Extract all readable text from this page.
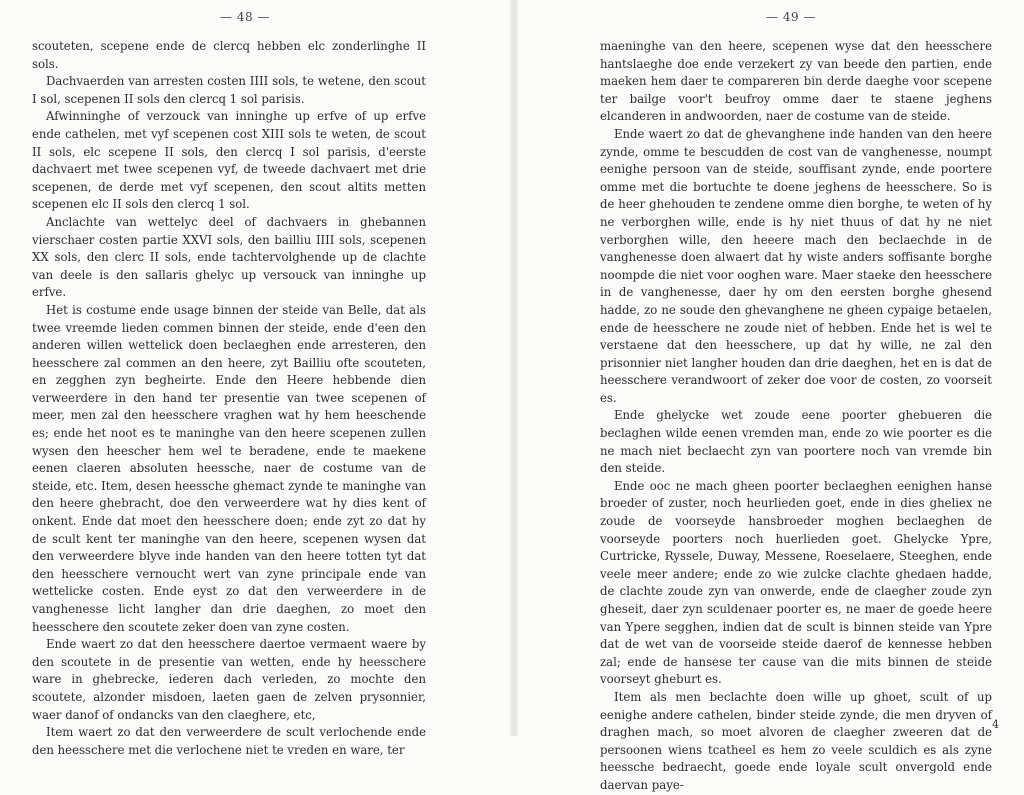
— 48 —

scouteten, scepene ende de clercq hebben elc zonderlinghe II sols.

Dachvaerden van arresten costen IIII sols, te wetene, den scout I sol, scepenen II sols den clercq 1 sol parisis.

Afwinninghe of verzouck van inninghe up erfve of up erfve ende cathelen, met vyf scepenen cost XIII sols te weten, de scout II sols, elc scepene II sols, den clercq I sol parisis, d'eerste dachvaert met twee scepenen vyf, de tweede dachvaert met drie scepenen, de derde met vyf scepenen, den scout altits metten scepenen elc II sols den clercq 1 sol.

Anclachte van wettelyc deel of dachvaers in ghebannen vierschaer costen partie XXVI sols, den bailliu IIII sols, scepenen XX sols, den clerc II sols, ende tachtervolghende up de clachte van deele is den sallaris ghelyc up versouck van inninghe up erfve.

Het is costume ende usage binnen der steide van Belle, dat als twee vreemde lieden commen binnen der steide, ende d'een den anderen willen wettelick doen beclaeghen ende arresteren, den heesschere zal commen an den heere, zyt Bailliu ofte scouteten, en zegghen zyn begheirte. Ende den Heere hebbende dien verweerdere in den hand ter presentie van twee scepenen of meer, men zal den heesschere vraghen wat hy hem heeschende es; ende het noot es te maninghe van den heere scepenen zullen wysen den heescher hem wel te beradene, ende te maekene eenen claeren absoluten heessche, naer de costume van de steide, etc. Item, desen heessche ghemact zynde te maninghe van den heere ghebracht, doe den verweerdere wat hy dies kent of onkent. Ende dat moet den heesschere doen; ende zyt zo dat hy de scult kent ter maninghe van den heere, scepenen wysen dat den verweerdere blyve inde handen van den heere totten tyt dat den heesschere vernoucht wert van zyne principale ende van wettelicke costen. Ende eyst zo dat den verweerdere in de vanghenesse licht langher dan drie daeghen, zo moet den heesschere den scoutete zeker doen van zyne costen.

Ende waert zo dat den heesschere daertoe vermaent waere by den scoutete in de presentie van wetten, ende hy heesschere ware in ghebrecke, iederen dach verleden, zo mochte den scoutete, alzonder misdoen, laeten gaen de zelven prysonnier, waer danof of ondancks van den claeghere, etc,

Item waert zo dat den verweerdere de scult verlochende ende den heesschere met die verlochene niet te vreden en ware, ter

— 49 —

maeninghe van den heere, scepenen wyse dat den heesschere hantslaeghe doe ende verzekert zy van beede den partien, ende maeken hem daer te compareren bin derde daeghe voor scepene ter bailge voor't beufroy omme daer te staene jeghens elcanderen in andwoorden, naer de costume van de steide.

Ende waert zo dat de ghevanghene inde handen van den heere zynde, omme te bescudden de cost van de vanghenesse, noumpt eenighe persoon van de steide, souffisant zynde, ende poortere omme met die bortuchte te doene jeghens de heesschere. So is de heer ghehouden te zendene omme dien borghe, te weten of hy ne verborghen wille, ende is hy niet thuus of dat hy ne niet verborghen wille, den heeere mach den beclaechde in de vanghenesse doen alwaert dat hy wiste anders soffisante borghe noompde die niet voor ooghen ware. Maer staeke den heesschere in de vanghenesse, daer hy om den eersten borghe ghesend hadde, zo ne soude den ghevanghene ne gheen cypaige betaelen, ende de heesschere ne zoude niet of hebben. Ende het is wel te verstaene dat den heesschere, up dat hy wille, ne zal den prisonnier niet langher houden dan drie daeghen, het en is dat de heesschere verandwoort of zeker doe voor de costen, zo voorseit es.

Ende ghelycke wet zoude eene poorter ghebueren die beclaghen wilde eenen vremden man, ende zo wie poorter es die ne mach niet beclaecht zyn van poortere noch van vremde bin den steide.

Ende ooc ne mach gheen poorter beclaeghen eenighen hanse broeder of zuster, noch heurlieden goet, ende in dies gheliex ne zoude de voorseyde hansbroeder moghen beclaeghen de voorseyde poorters noch huerlieden goet. Ghelycke Ypre, Curtricke, Ryssele, Duway, Messene, Roeselaere, Steeghen, ende veele meer andere; ende zo wie zulcke clachte ghedaen hadde, de clachte zoude zyn van onwerde, ende de claegher zoude zyn gheseit, daer zyn sculdenaer poorter es, ne maer de goede heere van Ypere segghen, indien dat de scult is binnen steide van Ypre dat de wet van de voorseide steide daerof de kennesse hebben zal; ende de hansese ter cause van die mits binnen de steide voorseyt gheburt es.

Item als men beclachte doen wille up ghoet, scult of up eenighe andere cathelen, binder steide zynde, die men dryven of draghen mach, so moet alvoren de claegher zweeren dat de persoonen wiens tcatheel es hem zo veele sculdich es als zyne heessche bedraecht, goede ende loyale scult onvergold ende daervan paye-

4
